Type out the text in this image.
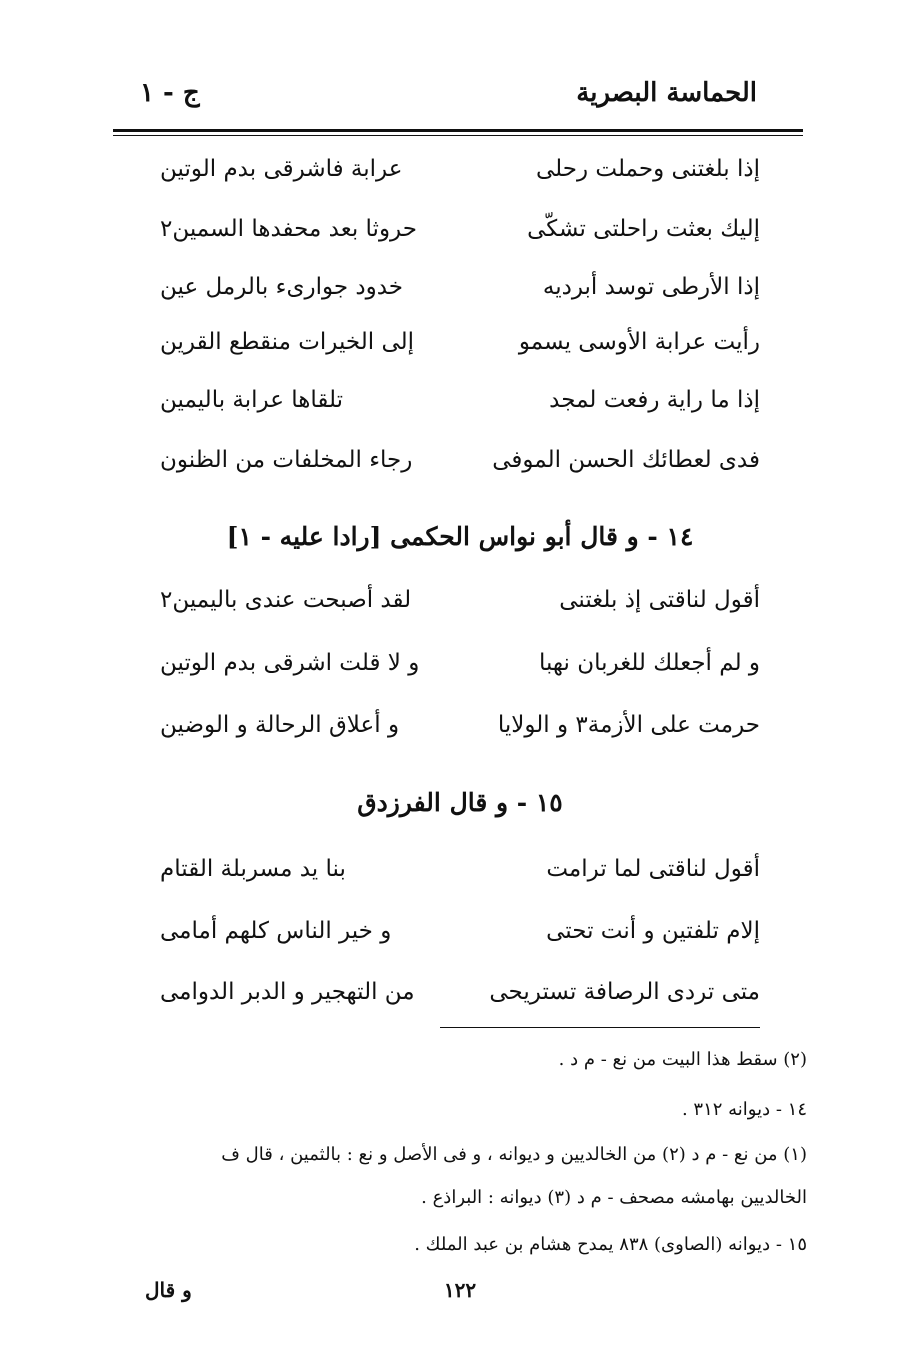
الحماسة البصرية
ج - ١
إذا بلغتنى وحملت رحلى
عرابة فاشرقى بدم الوتين
إليك بعثت راحلتى تشكّى
حروثا بعد محفدها السمين٢
إذا الأرطى توسد أبرديه
خدود جوارىء بالرمل عين
رأيت عرابة الأوسى يسمو
إلى الخيرات منقطع القرين
إذا ما راية رفعت لمجد
تلقاها عرابة باليمين
فدى لعطائك الحسن الموفى
رجاء المخلفات من الظنون
١٤ - و قال أبو نواس الحكمى [رادا عليه - ١]
أقول لناقتى إذ بلغتنى
لقد أصبحت عندى باليمين٢
و لم أجعلك للغربان نهبا
و لا قلت اشرقى بدم الوتين
حرمت على الأزمة٣ و الولايا
و أعلاق الرحالة و الوضين
١٥ - و قال الفرزدق
أقول لناقتى لما ترامت
بنا يد مسربلة القتام
إلام تلفتين و أنت تحتى
و خير الناس كلهم أمامى
متى تردى الرصافة تستريحى
من التهجير و الدبر الدوامى
(٢) سقط هذا البيت من نع - م د .
١٤ - ديوانه ٣١٢ .
(١) من نع - م د (٢) من الخالديين و ديوانه ، و فى الأصل و نع : بالثمين ، قال ف
الخالديين بهامشه مصحف - م د (٣) ديوانه : البراذع .
١٥ - ديوانه (الصاوى) ٨٣٨ يمدح هشام بن عبد الملك .
١٢٢
و قال
